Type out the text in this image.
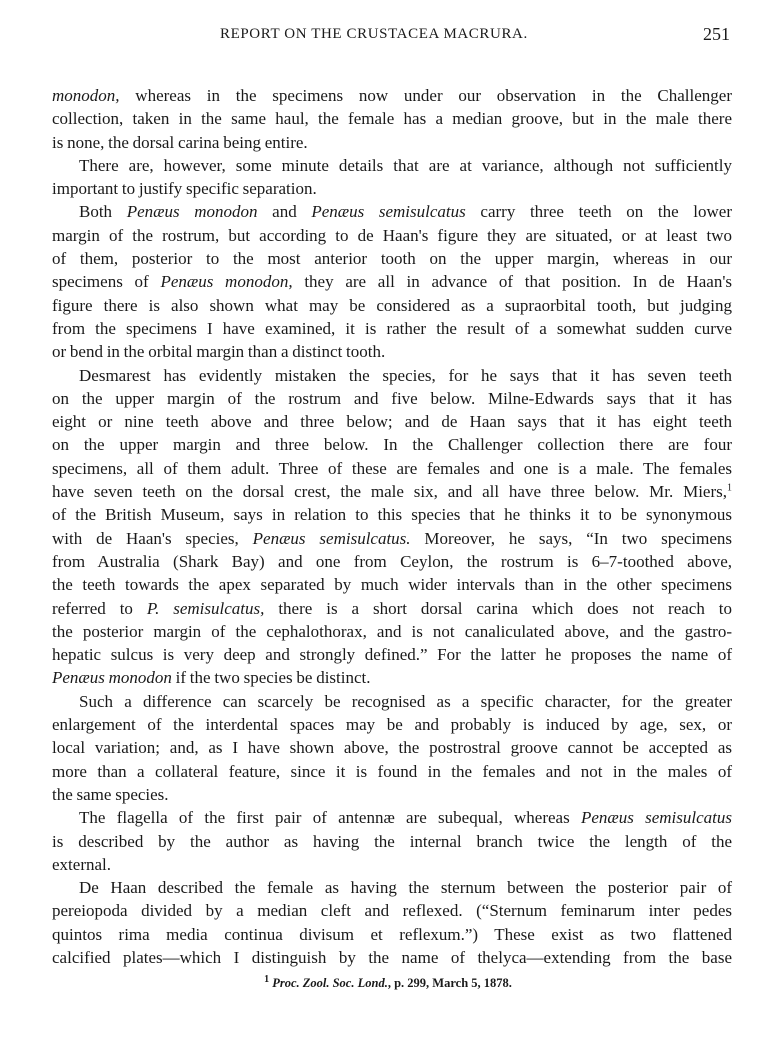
REPORT ON THE CRUSTACEA MACRURA.	251
monodon, whereas in the specimens now under our observation in the Challenger
collection, taken in the same haul, the female has a median groove, but in the male there
is none, the dorsal carina being entire.
There are, however, some minute details that are at variance, although not sufficiently
important to justify specific separation.
Both Penæus monodon and Penæus semisulcatus carry three teeth on the lower
margin of the rostrum, but according to de Haan's figure they are situated, or at least two
of them, posterior to the most anterior tooth on the upper margin, whereas in our
specimens of Penæus monodon, they are all in advance of that position. In de Haan's
figure there is also shown what may be considered as a supraorbital tooth, but judging
from the specimens I have examined, it is rather the result of a somewhat sudden curve
or bend in the orbital margin than a distinct tooth.
Desmarest has evidently mistaken the species, for he says that it has seven teeth
on the upper margin of the rostrum and five below. Milne-Edwards says that it has
eight or nine teeth above and three below; and de Haan says that it has eight teeth
on the upper margin and three below. In the Challenger collection there are four
specimens, all of them adult. Three of these are females and one is a male. The females
have seven teeth on the dorsal crest, the male six, and all have three below. Mr. Miers,$^1$
of the British Museum, says in relation to this species that he thinks it to be synonymous
with de Haan's species, Penæus semisulcatus. Moreover, he says, “In two specimens
from Australia (Shark Bay) and one from Ceylon, the rostrum is 6–7-toothed above,
the teeth towards the apex separated by much wider intervals than in the other specimens
referred to P. semisulcatus, there is a short dorsal carina which does not reach to
the posterior margin of the cephalothorax, and is not canaliculated above, and the gastro-
hepatic sulcus is very deep and strongly defined.” For the latter he proposes the name of
Penæus monodon if the two species be distinct.
Such a difference can scarcely be recognised as a specific character, for the greater
enlargement of the interdental spaces may be and probably is induced by age, sex, or
local variation; and, as I have shown above, the postrostral groove cannot be accepted as
more than a collateral feature, since it is found in the females and not in the males of
the same species.
The flagella of the first pair of antennæ are subequal, whereas Penæus semisulcatus
is described by the author as having the internal branch twice the length of the
external.
De Haan described the female as having the sternum between the posterior pair of
pereiopoda divided by a median cleft and reflexed. (“Sternum feminarum inter pedes
quintos rima media continua divisum et reflexum.”) These exist as two flattened
calcified plates—which I distinguish by the name of thelyca—extending from the base
$^1$ Proc. Zool. Soc. Lond., p. 299, March 5, 1878.
